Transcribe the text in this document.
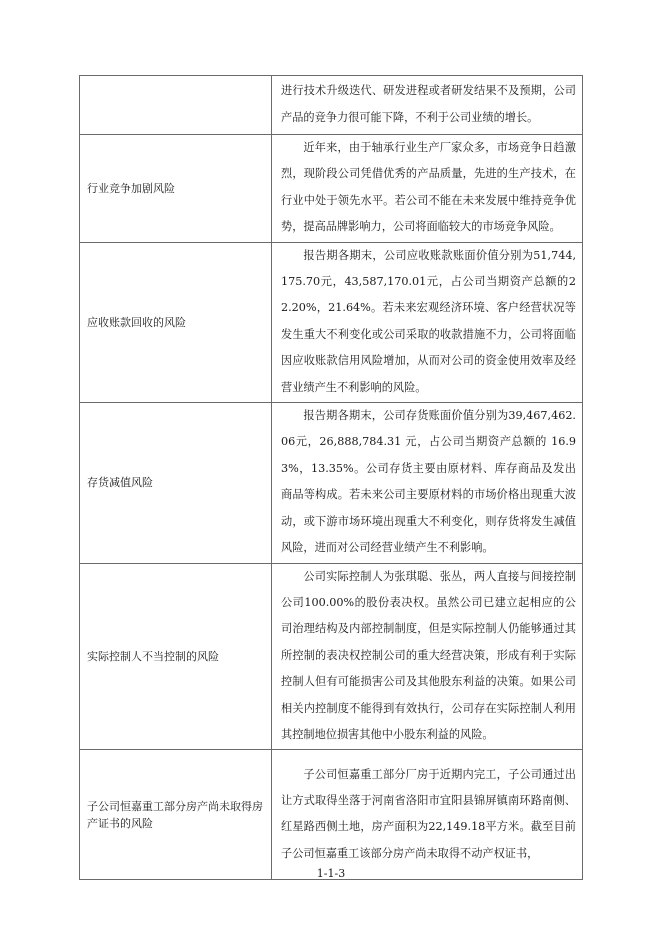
	进行技术升级迭代、研发进程或者研发结果不及预期，公司产品的竞争力很可能下降，不利于公司业绩的增长。

行业竞争加剧风险	近年来，由于轴承行业生产厂家众多，市场竞争日趋激烈，现阶段公司凭借优秀的产品质量，先进的生产技术，在行业中处于领先水平。若公司不能在未来发展中维持竞争优势，提高品牌影响力，公司将面临较大的市场竞争风险。

应收账款回收的风险	报告期各期末，公司应收账款账面价值分别为51,744,175.70元，43,587,170.01元，占公司当期资产总额的22.20%，21.64%。若未来宏观经济环境、客户经营状况等发生重大不利变化或公司采取的收款措施不力，公司将面临因应收账款信用风险增加，从而对公司的资金使用效率及经营业绩产生不利影响的风险。

存货减值风险	报告期各期末，公司存货账面价值分别为39,467,462.06元，26,888,784.31 元，占公司当期资产总额的 16.93%，13.35%。公司存货主要由原材料、库存商品及发出商品等构成。若未来公司主要原材料的市场价格出现重大波动，或下游市场环境出现重大不利变化，则存货将发生减值风险，进而对公司经营业绩产生不利影响。

实际控制人不当控制的风险	公司实际控制人为张琪聪、张丛，两人直接与间接控制公司100.00%的股份表决权。虽然公司已建立起相应的公司治理结构及内部控制制度，但是实际控制人仍能够通过其所控制的表决权控制公司的重大经营决策，形成有利于实际控制人但有可能损害公司及其他股东利益的决策。如果公司相关内控制度不能得到有效执行，公司存在实际控制人利用其控制地位损害其他中小股东利益的风险。

子公司恒嘉重工部分房产尚未取得房产证书的风险	子公司恒嘉重工部分厂房于近期内完工，子公司通过出让方式取得坐落于河南省洛阳市宜阳县锦屏镇南环路南侧、红星路西侧土地，房产面积为22,149.18平方米。截至目前子公司恒嘉重工该部分房产尚未取得不动产权证书，

1-1-3
